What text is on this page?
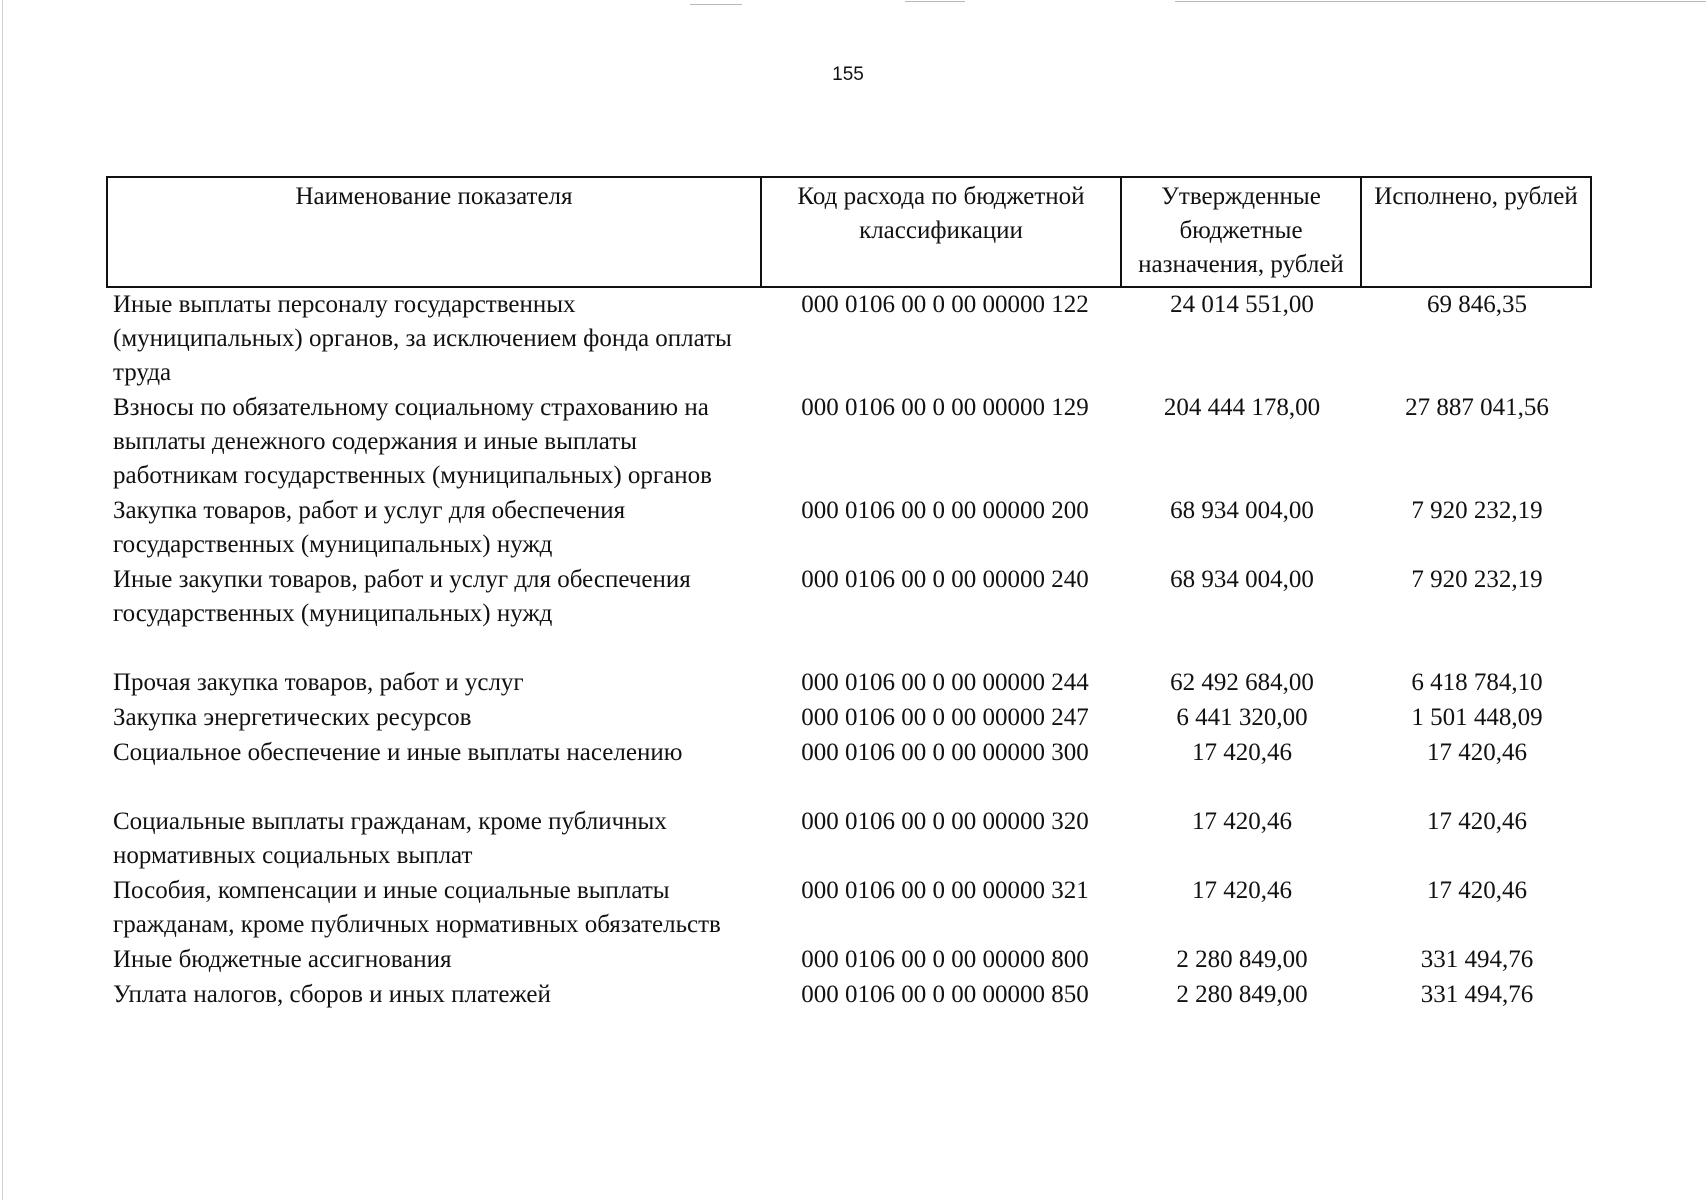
155
Наименование показателя	Код расхода по бюджетной классификации	Утвержденные бюджетные назначения, рублей	Исполнено, рублей
Иные выплаты персоналу государственных (муниципальных) органов, за исключением фонда оплаты труда	000 0106 00 0 00 00000 122	24 014 551,00	69 846,35
Взносы по обязательному социальному страхованию на выплаты денежного содержания и иные выплаты работникам государственных (муниципальных) органов	000 0106 00 0 00 00000 129	204 444 178,00	27 887 041,56
Закупка товаров, работ и услуг для обеспечения государственных (муниципальных) нужд	000 0106 00 0 00 00000 200	68 934 004,00	7 920 232,19
Иные закупки товаров, работ и услуг для обеспечения государственных (муниципальных) нужд	000 0106 00 0 00 00000 240	68 934 004,00	7 920 232,19
Прочая закупка товаров, работ и услуг	000 0106 00 0 00 00000 244	62 492 684,00	6 418 784,10
Закупка энергетических ресурсов	000 0106 00 0 00 00000 247	6 441 320,00	1 501 448,09
Социальное обеспечение и иные выплаты населению	000 0106 00 0 00 00000 300	17 420,46	17 420,46
Социальные выплаты гражданам, кроме публичных нормативных социальных выплат	000 0106 00 0 00 00000 320	17 420,46	17 420,46
Пособия, компенсации и иные социальные выплаты гражданам, кроме публичных нормативных обязательств	000 0106 00 0 00 00000 321	17 420,46	17 420,46
Иные бюджетные ассигнования	000 0106 00 0 00 00000 800	2 280 849,00	331 494,76
Уплата налогов, сборов и иных платежей	000 0106 00 0 00 00000 850	2 280 849,00	331 494,76
